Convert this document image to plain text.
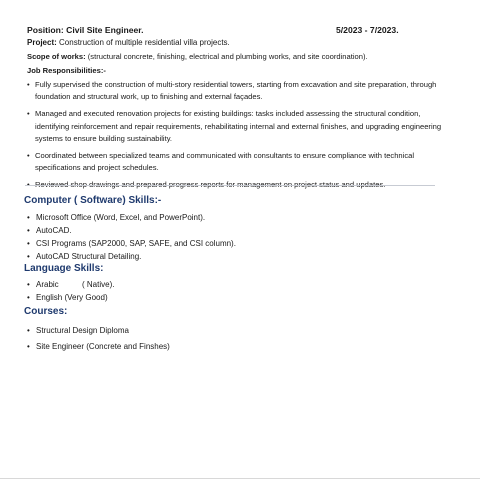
Position: Civil Site Engineer.	5/2023 - 7/2023.
Project: Construction of multiple residential villa projects.
Scope of works: (structural concrete, finishing, electrical and plumbing works, and site coordination).
Job Responsibilities:-
• Fully supervised the construction of multi-story residential towers, starting from excavation and site preparation, through foundation and structural work, up to finishing and external façades.
• Managed and executed renovation projects for existing buildings: tasks included assessing the structural condition, identifying reinforcement and repair requirements, rehabilitating internal and external finishes, and upgrading engineering systems to ensure building sustainability.
• Coordinated between specialized teams and communicated with consultants to ensure compliance with technical specifications and project schedules.
• Reviewed shop drawings and prepared progress reports for management on project status and updates.
Computer ( Software) Skills:-
• Microsoft Office (Word, Excel, and PowerPoint).
• AutoCAD.
• CSI Programs (SAP2000, SAP, SAFE, and CSI column).
• AutoCAD Structural Detailing.
Language Skills:
• Arabic	( Native).
• English (Very Good)
Courses:
• Structural Design Diploma
• Site Engineer (Concrete and Finshes)
